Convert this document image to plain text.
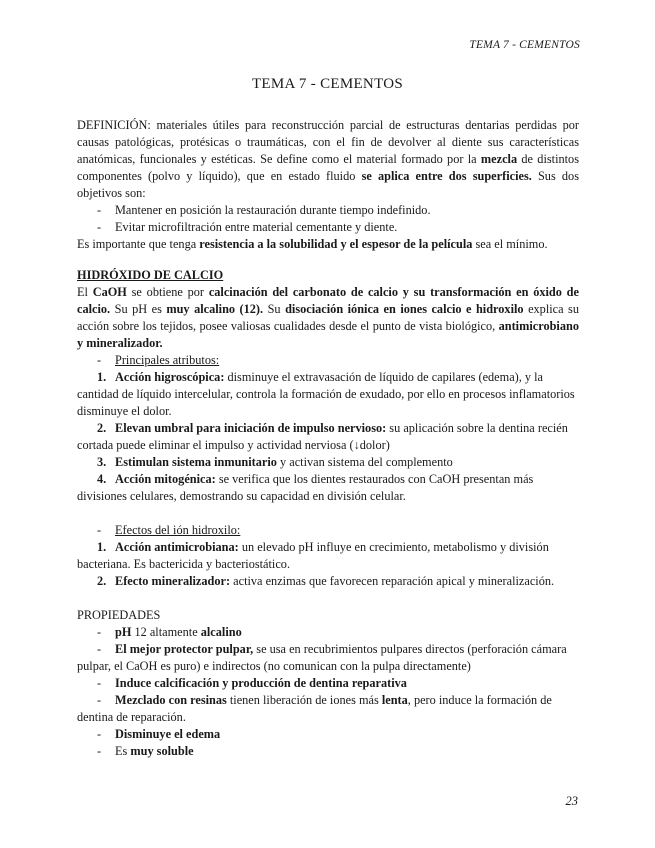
TEMA 7 - CEMENTOS
TEMA 7 - CEMENTOS

DEFINICIÓN: materiales útiles para reconstrucción parcial de estructuras dentarias perdidas por causas patológicas, protésicas o traumáticas, con el fin de devolver al diente sus características anatómicas, funcionales y estéticas. Se define como el material formado por la mezcla de distintos componentes (polvo y líquido), que en estado fluido se aplica entre dos superficies. Sus dos objetivos son:

- Mantener en posición la restauración durante tiempo indefinido.

- Evitar microfiltración entre material cementante y diente.

Es importante que tenga resistencia a la solubilidad y el espesor de la película sea el mínimo.

HIDRÓXIDO DE CALCIO

El CaOH se obtiene por calcinación del carbonato de calcio y su transformación en óxido de calcio. Su pH es muy alcalino (12). Su disociación iónica en iones calcio e hidroxilo explica su acción sobre los tejidos, posee valiosas cualidades desde el punto de vista biológico, antimicrobiano y mineralizador.

- Principales atributos:

1. Acción higroscópica: disminuye el extravasación de líquido de capilares (edema), y la cantidad de líquido intercelular, controla la formación de exudado, por ello en procesos inflamatorios disminuye el dolor.

2. Elevan umbral para iniciación de impulso nervioso: su aplicación sobre la dentina recién cortada puede eliminar el impulso y actividad nerviosa (↓dolor)

3. Estimulan sistema inmunitario y activan sistema del complemento

4. Acción mitogénica: se verifica que los dientes restaurados con CaOH presentan más divisiones celulares, demostrando su capacidad en división celular.

- Efectos del ión hidroxilo:

1. Acción antimicrobiana: un elevado pH influye en crecimiento, metabolismo y división bacteriana. Es bactericida y bacteriostático.

2. Efecto mineralizador: activa enzimas que favorecen reparación apical y mineralización.

PROPIEDADES

- pH 12 altamente alcalino

- El mejor protector pulpar, se usa en recubrimientos pulpares directos (perforación cámara pulpar, el CaOH es puro) e indirectos (no comunican con la pulpa directamente)

- Induce calcificación y producción de dentina reparativa

- Mezclado con resinas tienen liberación de iones más lenta, pero induce la formación de dentina de reparación.

- Disminuye el edema

- Es muy soluble

23
